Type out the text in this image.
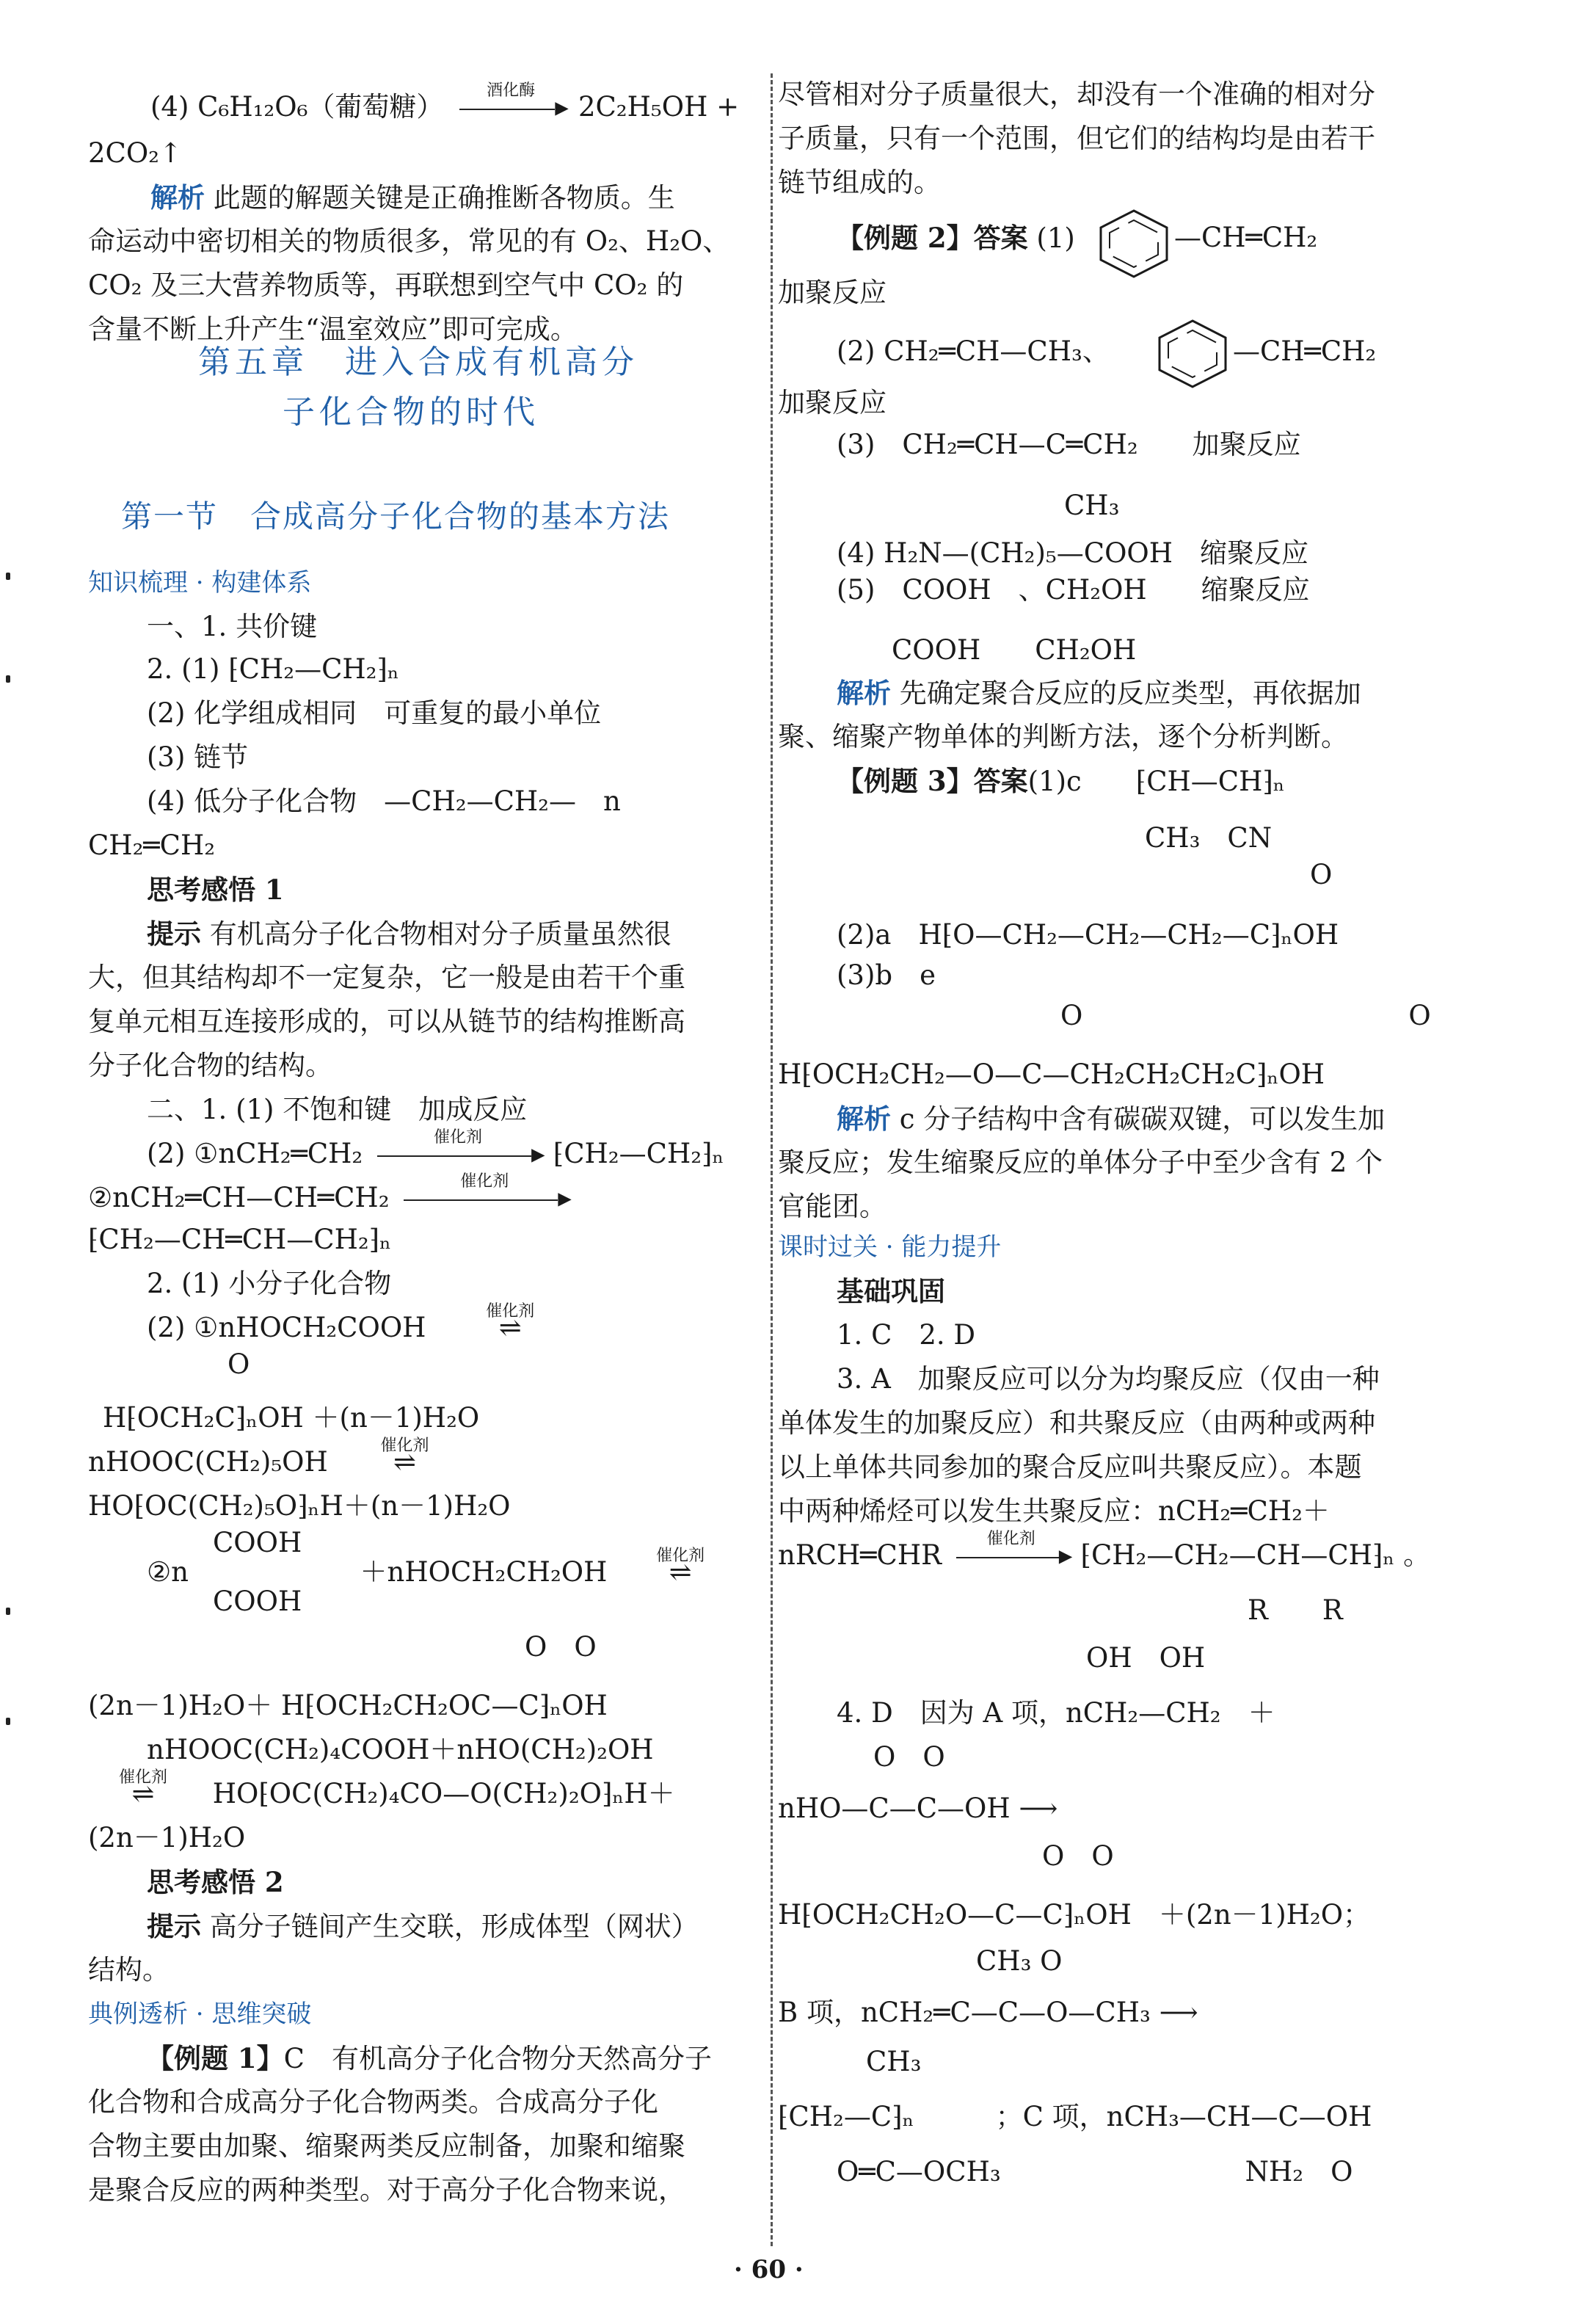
(4) C₆H₁₂O₆（葡萄糖）
酒化酶
▸ 2C₂H₅OH +
2CO₂↑
解析 此题的解题关键是正确推断各物质。生
命运动中密切相关的物质很多，常见的有 O₂、H₂O、
CO₂ 及三大营养物质等，再联想到空气中 CO₂ 的
含量不断上升产生“温室效应”即可完成。
第五章　进入合成有机高分
子化合物的时代
第一节　合成高分子化合物的基本方法
知识梳理 · 构建体系
一、1. 共价键
2. (1) ⁅CH₂—CH₂⁆ₙ
(2) 化学组成相同　可重复的最小单位
(3) 链节
(4) 低分子化合物　—CH₂—CH₂—　n
CH₂═CH₂
思考感悟 1
提示 有机高分子化合物相对分子质量虽然很
大，但其结构却不一定复杂，它一般是由若干个重
复单元相互连接形成的，可以从链节的结构推断高
分子化合物的结构。
二、1. (1) 不饱和键　加成反应
(2) ①nCH₂═CH₂
催化剂
▸ ⁅CH₂—CH₂⁆ₙ
②nCH₂═CH—CH═CH₂
催化剂
▸
⁅CH₂—CH═CH—CH₂⁆ₙ
2. (1) 小分子化合物
(2) ①nHOCH₂COOH
催化剂
⇌
O
H⁅OCH₂C⁆ₙOH ＋(n－1)H₂O
nHOOC(CH₂)₅OH
催化剂
⇌
HO⁅OC(CH₂)₅O⁆ₙH＋(n－1)H₂O
COOH
②n	＋nHOCH₂CH₂OH
催化剂
⇌
COOH
O　O
(2n－1)H₂O＋ H⁅OCH₂CH₂OC—C⁆ₙOH
nHOOC(CH₂)₄COOH＋nHO(CH₂)₂OH
催化剂
⇌ HO⁅OC(CH₂)₄CO—O(CH₂)₂O⁆ₙH＋
(2n－1)H₂O
思考感悟 2
提示 高分子链间产生交联，形成体型（网状）
结构。
典例透析 · 思维突破
【例题 1】C　有机高分子化合物分天然高分子
化合物和合成高分子化合物两类。合成高分子化
合物主要由加聚、缩聚两类反应制备，加聚和缩聚
是聚合反应的两种类型。对于高分子化合物来说，
尽管相对分子质量很大，却没有一个准确的相对分
子质量，只有一个范围，但它们的结构均是由若干
链节组成的。
【例题 2】答案 (1)	—CH═CH₂
加聚反应
(2) CH₂═CH—CH₃、	—CH═CH₂
加聚反应
(3)　CH₂═CH—C═CH₂　　加聚反应
CH₃
(4) H₂N—(CH₂)₅—COOH　缩聚反应
(5)　COOH　、CH₂OH　　缩聚反应
COOH　　CH₂OH
解析 先确定聚合反应的反应类型，再依据加
聚、缩聚产物单体的判断方法，逐个分析判断。
【例题 3】答案(1)c　　⁅CH—CH⁆ₙ
CH₃　CN
O
(2)a　H⁅O—CH₂—CH₂—CH₂—C⁆ₙOH
(3)b　e
O　　　　　　　　　　　　O
H⁅OCH₂CH₂—O—C—CH₂CH₂CH₂C⁆ₙOH
解析 c 分子结构中含有碳碳双键，可以发生加
聚反应；发生缩聚反应的单体分子中至少含有 2 个
官能团。
课时过关 · 能力提升
基础巩固
1. C　2. D
3. A　加聚反应可以分为均聚反应（仅由一种
单体发生的加聚反应）和共聚反应（由两种或两种
以上单体共同参加的聚合反应叫共聚反应）。本题
中两种烯烃可以发生共聚反应：nCH₂═CH₂＋
nRCH═CHR
催化剂
▸ ⁅CH₂—CH₂—CH—CH⁆ₙ 。
R　　R
OH　OH
4. D　因为 A 项，nCH₂—CH₂　＋
O　O
nHO—C—C—OH ⟶
O　O
H⁅OCH₂CH₂O—C—C⁆ₙOH　＋(2n－1)H₂O；
CH₃ O
B 项，nCH₂═C—C—O—CH₃ ⟶
CH₃
⁅CH₂—C⁆ₙ　　　；C 项，nCH₃—CH—C—OH
O═C—OCH₃　　　　　　　　　NH₂　O
· 60 ·
